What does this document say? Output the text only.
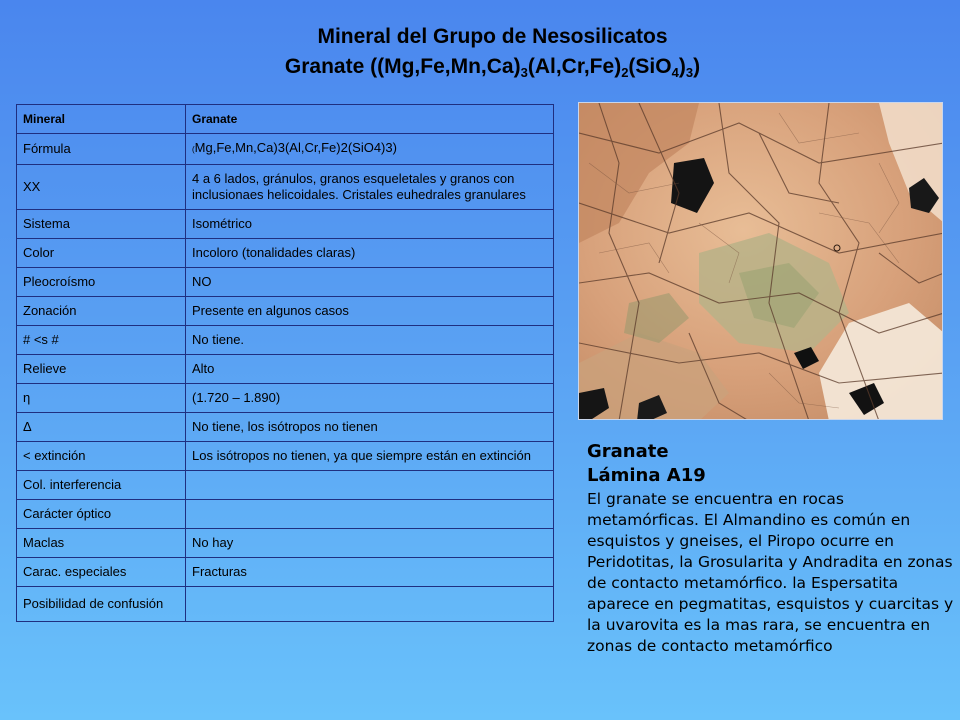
Mineral del Grupo de Nesosilicatos
Granate $((Mg,Fe,Mn,Ca)_3(Al,Cr,Fe)_2(SiO_4)_3)$
Mineral	Granate
Fórmula	(Mg,Fe,Mn,Ca)3(Al,Cr,Fe)2(SiO4)3)
XX	4 a 6 lados, gránulos, granos esqueletales y granos con inclusionaes helicoidales. Cristales euhedrales granulares
Sistema	Isométrico
Color	Incoloro (tonalidades claras)
Pleocroísmo	NO
Zonación	Presente en algunos casos
# <s #	No tiene.
Relieve	Alto
η	(1.720 – 1.890)
Δ	No tiene, los isótropos no tienen
< extinción	Los isótropos no tienen, ya que siempre están en extinción
Col. interferencia	
Carácter óptico	
Maclas	No hay
Carac. especiales	Fracturas
Posibilidad de confusión	
Granate
Lámina A19
El granate se encuentra en rocas metamórficas. El Almandino es común en esquistos y gneises, el Piropo ocurre en Peridotitas, la Grosularita y Andradita en zonas de contacto metamórfico. la Espersatita aparece en pegmatitas, esquistos y cuarcitas y la uvarovita es la mas rara, se encuentra en zonas de contacto metamórfico
